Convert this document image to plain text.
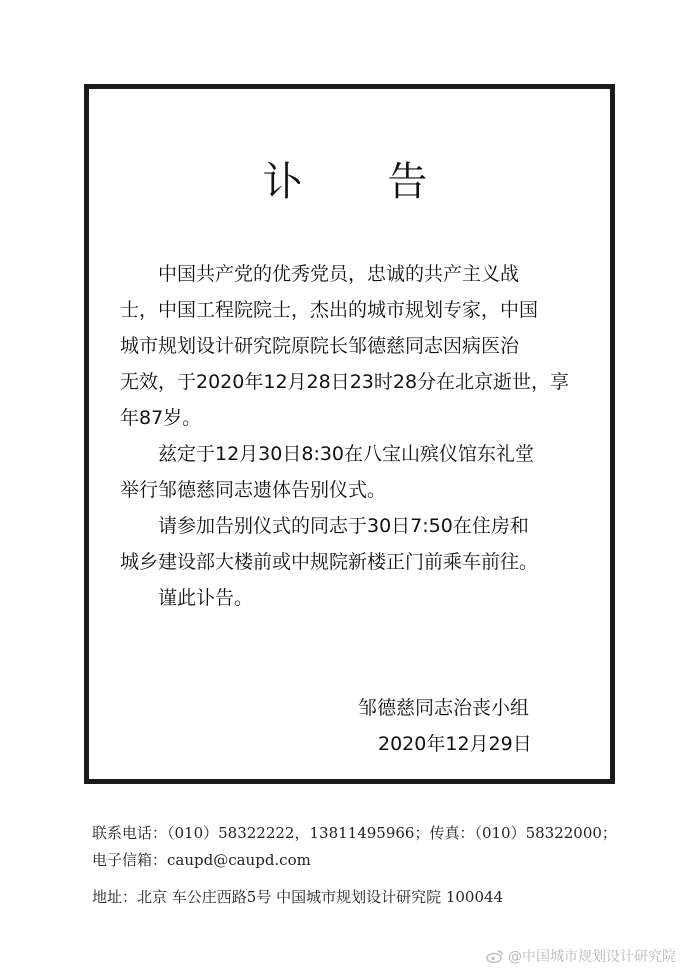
讣 告
中国共产党的优秀党员，忠诚的共产主义战
士，中国工程院院士，杰出的城市规划专家，中国
城市规划设计研究院原院长邹德慈同志因病医治
无效，于2020年12月28日23时28分在北京逝世，享
年87岁。
兹定于12月30日8:30在八宝山殡仪馆东礼堂
举行邹德慈同志遗体告别仪式。
请参加告别仪式的同志于30日7:50在住房和
城乡建设部大楼前或中规院新楼正门前乘车前往。
谨此讣告。
邹德慈同志治丧小组
2020年12月29日
联系电话：（010）58322222，13811495966；传真：（010）58322000；
电子信箱：caupd@caupd.com
地址：北京 车公庄西路5号 中国城市规划设计研究院 100044
@中国城市规划设计研究院
